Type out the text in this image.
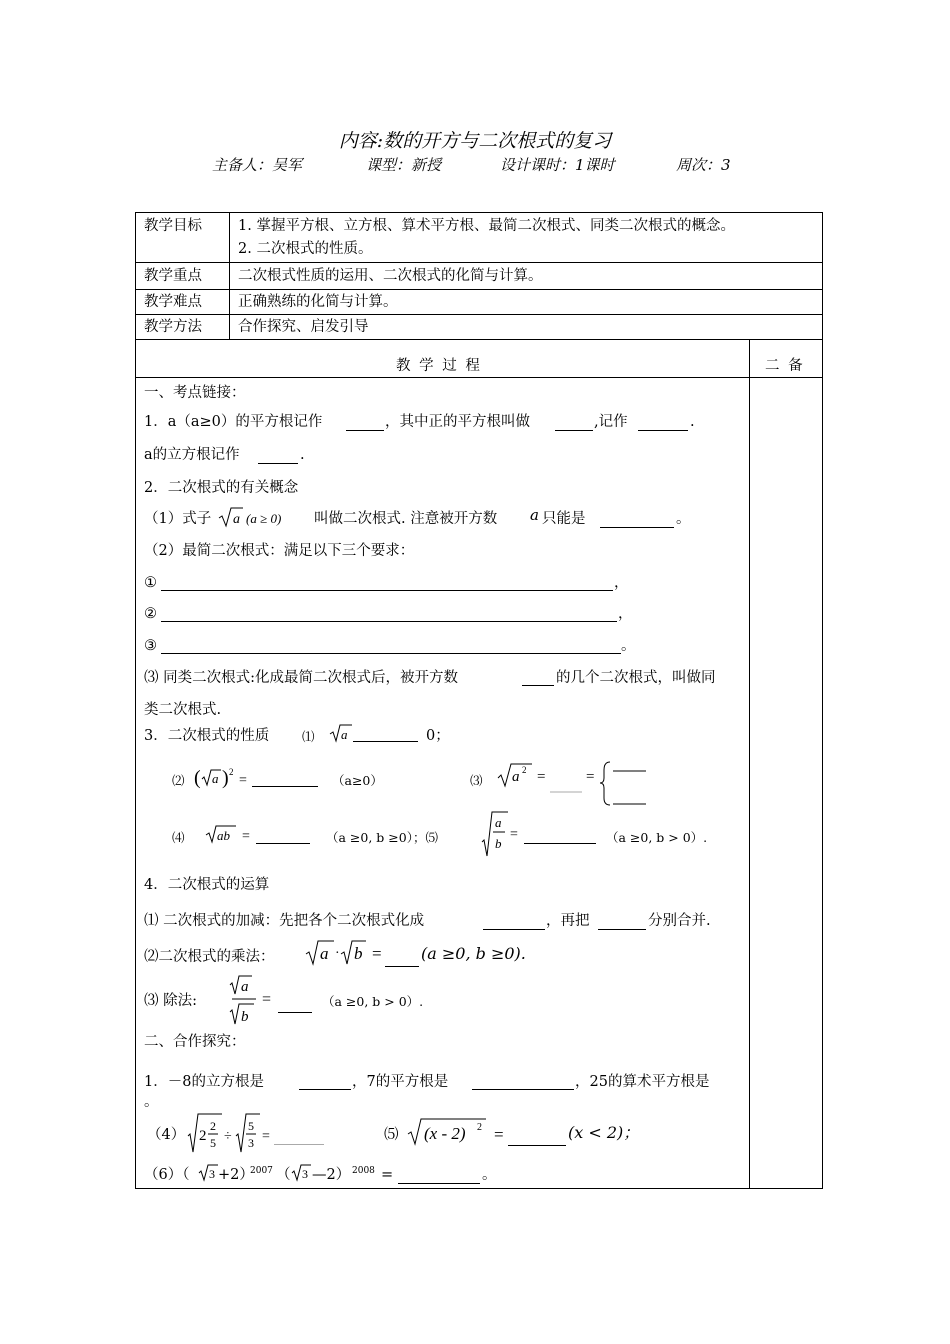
内容:数的开方与二次根式的复习
主备人：吴军	课型：新授	设计课时：1课时	周次：3
教学目标 1. 掌握平方根、立方根、算术平方根、最简二次根式、同类二次根式的概念。
2. 二次根式的性质。
教学重点 二次根式性质的运用、二次根式的化简与计算。
教学难点 正确熟练的化简与计算。
教学方法 合作探究、启发引导
教 学 过 程	二 备
一、考点链接：
1．a（a≥0）的平方根记作	，其中正的平方根叫做	,记作	.
a的立方根记作	.
2．二次根式的有关概念
（1）式子 a (a ≥ 0) 叫做二次根式. 注意被开方数 a 只能是	。
（2）最简二次根式：满足以下三个要求：
①	，
②	，
③	。
⑶ 同类二次根式:化成最简二次根式后，被开方数	的几个二次根式，叫做同
类二次根式.
3．二次根式的性质	⑴ a	0；
⑵ ( a ) 2
=	（a≥0）	⑶ a 2 =	=
⑷ ab =	（a ≥0, b ≥0）；⑸
a
b
=	（a ≥0, b > 0）.
4．二次根式的运算
⑴ 二次根式的加减：先把各个二次根式化成	，再把	分别合并.
⑵二次根式的乘法：	a · b = (a ≥0, b ≥0).
⑶ 除法:
a
b
=	（a ≥0, b > 0）.
二、合作探究：
1．－8的立方根是	，7的平方根是	，25的算术平方根是
。
（4） 2
2
5 ÷
5
3 =	⑸ (x - 2) 2 =	(x < 2)；
（6）（ 3 +2）
2007 （ 3 —2） 2008 =	。
